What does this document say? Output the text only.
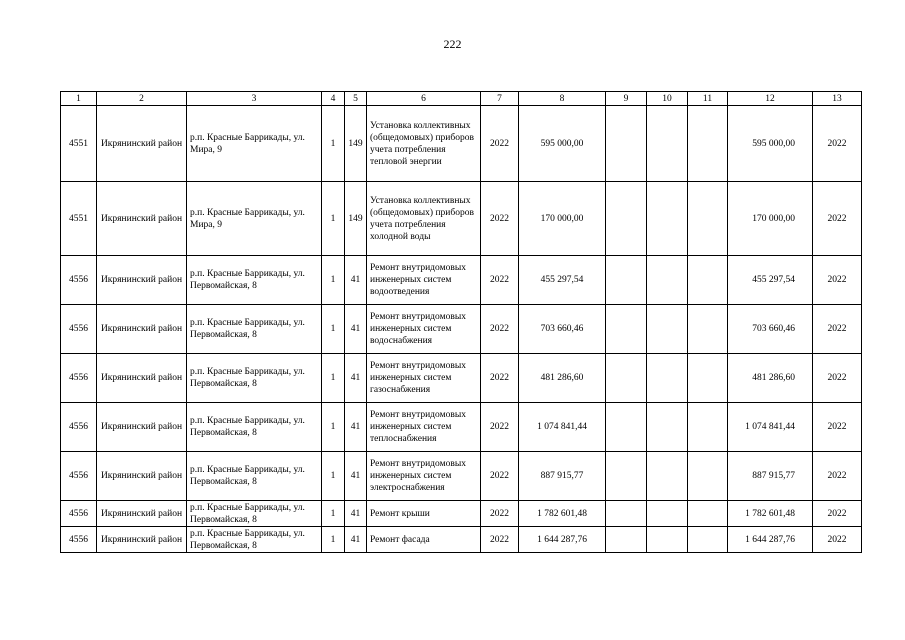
222
1	2	3	4	5	6	7	8	9	10	11	12	13
4551	Икрянинский район	р.п. Красные Баррикады, ул. Мира, 9	1	149	Установка коллективных (общедомовых) приборов учета потребления тепловой энергии	2022	595 000,00				595 000,00	2022
4551	Икрянинский район	р.п. Красные Баррикады, ул. Мира, 9	1	149	Установка коллективных (общедомовых) приборов учета потребления холодной воды	2022	170 000,00				170 000,00	2022
4556	Икрянинский район	р.п. Красные Баррикады, ул. Первомайская, 8	1	41	Ремонт внутридомовых инженерных систем водоотведения	2022	455 297,54				455 297,54	2022
4556	Икрянинский район	р.п. Красные Баррикады, ул. Первомайская, 8	1	41	Ремонт внутридомовых инженерных систем водоснабжения	2022	703 660,46				703 660,46	2022
4556	Икрянинский район	р.п. Красные Баррикады, ул. Первомайская, 8	1	41	Ремонт внутридомовых инженерных систем газоснабжения	2022	481 286,60				481 286,60	2022
4556	Икрянинский район	р.п. Красные Баррикады, ул. Первомайская, 8	1	41	Ремонт внутридомовых инженерных систем теплоснабжения	2022	1 074 841,44				1 074 841,44	2022
4556	Икрянинский район	р.п. Красные Баррикады, ул. Первомайская, 8	1	41	Ремонт внутридомовых инженерных систем электроснабжения	2022	887 915,77				887 915,77	2022
4556	Икрянинский район	р.п. Красные Баррикады, ул. Первомайская, 8	1	41	Ремонт крыши	2022	1 782 601,48				1 782 601,48	2022
4556	Икрянинский район	р.п. Красные Баррикады, ул. Первомайская, 8	1	41	Ремонт фасада	2022	1 644 287,76				1 644 287,76	2022
